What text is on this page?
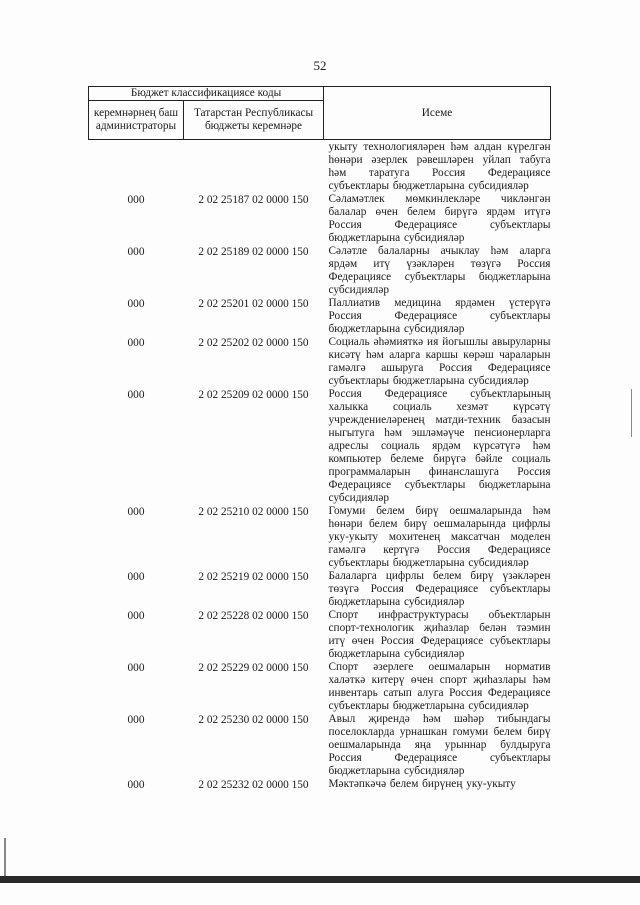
52
Бюджет классификациясе коды		Исеме
керемнәрнең баш администраторы	Татарстан Республикасы бюджеты керемнәре	
		укыту технологияләрен һәм алдан күрелгән һөнәри әзерлек рәвешләрен уйлап табуга һәм таратуга Россия Федерациясе субъектлары бюджетларына субсидияләр
000	2 02 25187 02 0000 150	Сәламәтлек мөмкинлекләре чикләнгән балалар өчен белем бирүгә ярдәм итүгә Россия Федерациясе субъектлары бюджетларына субсидияләр
000	2 02 25189 02 0000 150	Сәләтле балаларны ачыклау һәм аларга ярдәм итү үзәкләрен төзүгә Россия Федерациясе субъектлары бюджетларына субсидияләр
000	2 02 25201 02 0000 150	Паллиатив медицина ярдәмен үстерүгә Россия Федерациясе субъектлары бюджетларына субсидияләр
000	2 02 25202 02 0000 150	Социаль әһәмияткә ия йогышлы авыруларны кисәтү һәм аларга каршы көрәш чараларын гамәлгә ашыруга Россия Федерациясе субъектлары бюджетларына субсидияләр
000	2 02 25209 02 0000 150	Россия Федерациясе субъектларының халыкка социаль хезмәт күрсәтү учреждениеләренең матди-техник базасын ныгытуга һәм эшләмәүче пенсионерларга адреслы социаль ярдәм күрсәтүгә һәм компьютер белеме бирүгә бәйле социаль программаларын финанслашуга Россия Федерациясе субъектлары бюджетларына субсидияләр
000	2 02 25210 02 0000 150	Гомуми белем бирү оешмаларында һәм һөнәри белем бирү оешмаларында цифрлы уку-укыту мохитенең максатчан моделен гамәлгә кертүгә Россия Федерациясе субъектлары бюджетларына субсидияләр
000	2 02 25219 02 0000 150	Балаларга цифрлы белем бирү үзәкләрен төзүгә Россия Федерациясе субъектлары бюджетларына субсидияләр
000	2 02 25228 02 0000 150	Спорт инфраструктурасы объектларын спорт-технологик җиһазлар белән тәэмин итү өчен Россия Федерациясе субъектлары бюджетларына субсидияләр
000	2 02 25229 02 0000 150	Спорт әзерлеге оешмаларын норматив халәткә китерү өчен спорт җиһазлары һәм инвентарь сатып алуга Россия Федерациясе субъектлары бюджетларына субсидияләр
000	2 02 25230 02 0000 150	Авыл җирендә һәм шәһәр тибындагы поселокларда урнашкан гомуми белем бирү оешмаларында яңа урыннар булдыруга Россия Федерациясе субъектлары бюджетларына субсидияләр
000	2 02 25232 02 0000 150	Мәктәпкәчә белем бирүнең уку-укыту
